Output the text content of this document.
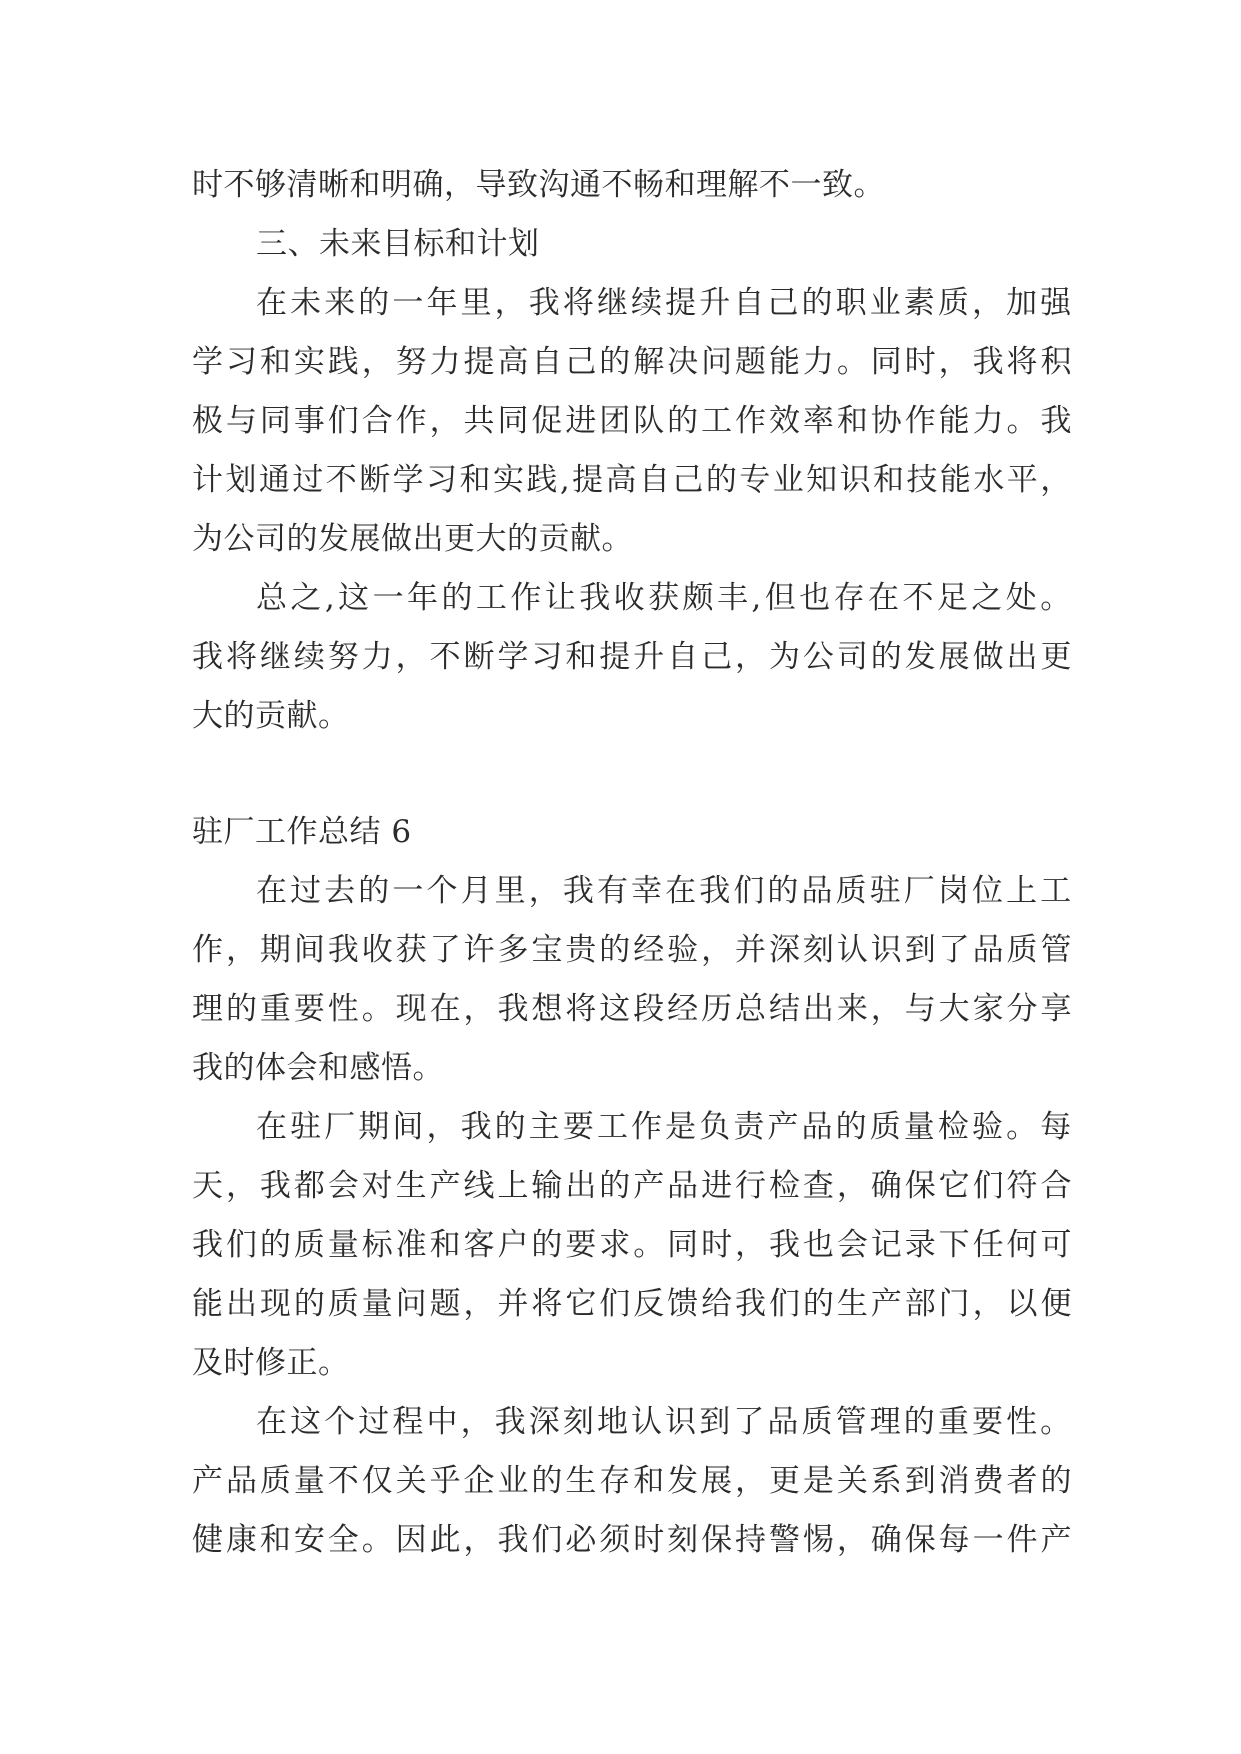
时不够清晰和明确，导致沟通不畅和理解不一致。
三、未来目标和计划
在 未 来 的 一 年 里 ， 我 将 继 续 提 升 自 己 的 职 业 素 质 ， 加 强
学 习 和 实 践 ， 努 力 提 高 自 己 的 解 决 问 题 能 力 。 同 时 ， 我 将 积
极 与 同 事 们 合 作 ， 共 同 促 进 团 队 的 工 作 效 率 和 协 作 能 力 。 我
计 划 通 过 不 断 学 习 和 实 践 , 提 高 自 己 的 专 业 知 识 和 技 能 水 平 ，
为公司的发展做出更大的贡献。
总 之 , 这 一 年 的 工 作 让 我 收 获 颇 丰 , 但 也 存 在 不 足 之 处 。
我 将 继 续 努 力 ， 不 断 学 习 和 提 升 自 己 ， 为 公 司 的 发 展 做 出 更
大的贡献。
驻厂工作总结 6
在 过 去 的 一 个 月 里 ， 我 有 幸 在 我 们 的 品 质 驻 厂 岗 位 上 工
作 ， 期 间 我 收 获 了 许 多 宝 贵 的 经 验 ， 并 深 刻 认 识 到 了 品 质 管
理 的 重 要 性 。 现 在 ， 我 想 将 这 段 经 历 总 结 出 来 ， 与 大 家 分 享
我的体会和感悟。
在 驻 厂 期 间 ， 我 的 主 要 工 作 是 负 责 产 品 的 质 量 检 验 。 每
天 ， 我 都 会 对 生 产 线 上 输 出 的 产 品 进 行 检 查 ， 确 保 它 们 符 合
我 们 的 质 量 标 准 和 客 户 的 要 求 。 同 时 ， 我 也 会 记 录 下 任 何 可
能 出 现 的 质 量 问 题 ， 并 将 它 们 反 馈 给 我 们 的 生 产 部 门 ， 以 便
及时修正。
在 这 个 过 程 中 ， 我 深 刻 地 认 识 到 了 品 质 管 理 的 重 要 性 。
产 品 质 量 不 仅 关 乎 企 业 的 生 存 和 发 展 ， 更 是 关 系 到 消 费 者 的
健 康 和 安 全 。 因 此 ， 我 们 必 须 时 刻 保 持 警 惕 ， 确 保 每 一 件 产
